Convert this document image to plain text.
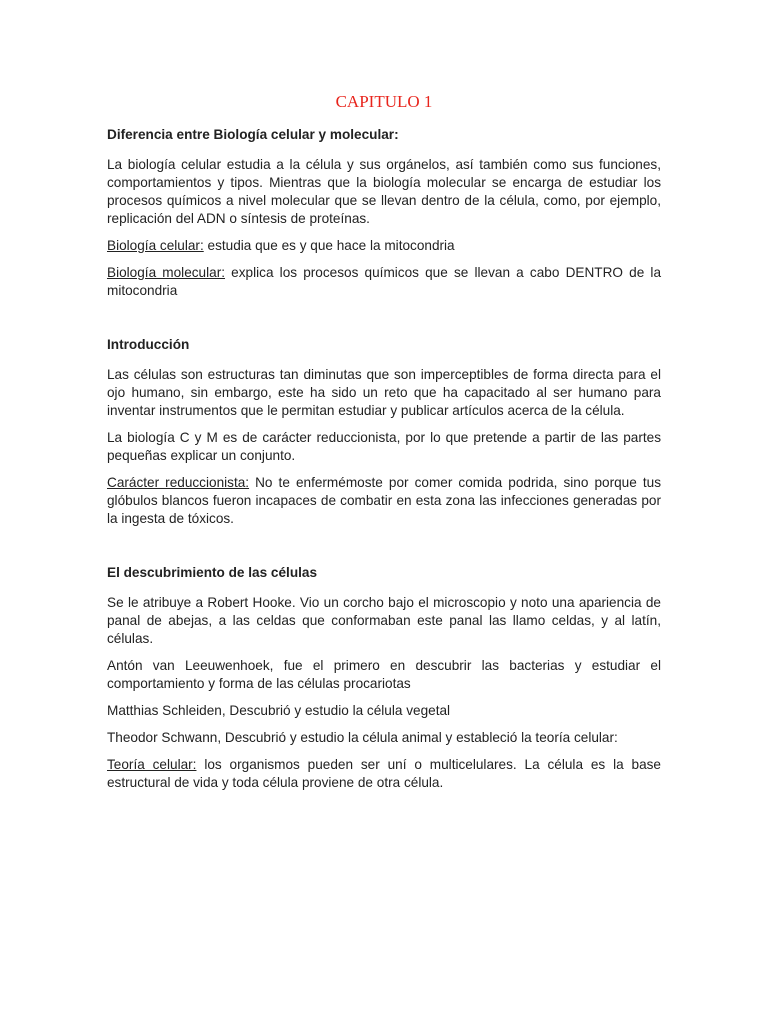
CAPITULO 1
Diferencia entre Biología celular y molecular:

La biología celular estudia a la célula y sus orgánelos, así también como sus funciones, comportamientos y tipos. Mientras que la biología molecular se encarga de estudiar los procesos químicos a nivel molecular que se llevan dentro de la célula, como, por ejemplo, replicación del ADN o síntesis de proteínas.

Biología celular: estudia que es y que hace la mitocondria

Biología molecular: explica los procesos químicos que se llevan a cabo DENTRO de la mitocondria

Introducción

Las células son estructuras tan diminutas que son imperceptibles de forma directa para el ojo humano, sin embargo, este ha sido un reto que ha capacitado al ser humano para inventar instrumentos que le permitan estudiar y publicar artículos acerca de la célula.

La biología C y M es de carácter reduccionista, por lo que pretende a partir de las partes pequeñas explicar un conjunto.

Carácter reduccionista: No te enfermémoste por comer comida podrida, sino porque tus glóbulos blancos fueron incapaces de combatir en esta zona las infecciones generadas por la ingesta de tóxicos.

El descubrimiento de las células

Se le atribuye a Robert Hooke. Vio un corcho bajo el microscopio y noto una apariencia de panal de abejas, a las celdas que conformaban este panal las llamo celdas, y al latín, células.

Antón van Leeuwenhoek, fue el primero en descubrir las bacterias y estudiar el comportamiento y forma de las células procariotas

Matthias Schleiden, Descubrió y estudio la célula vegetal

Theodor Schwann, Descubrió y estudio la célula animal y estableció la teoría celular:

Teoría celular: los organismos pueden ser uní o multicelulares. La célula es la base estructural de vida y toda célula proviene de otra célula.
